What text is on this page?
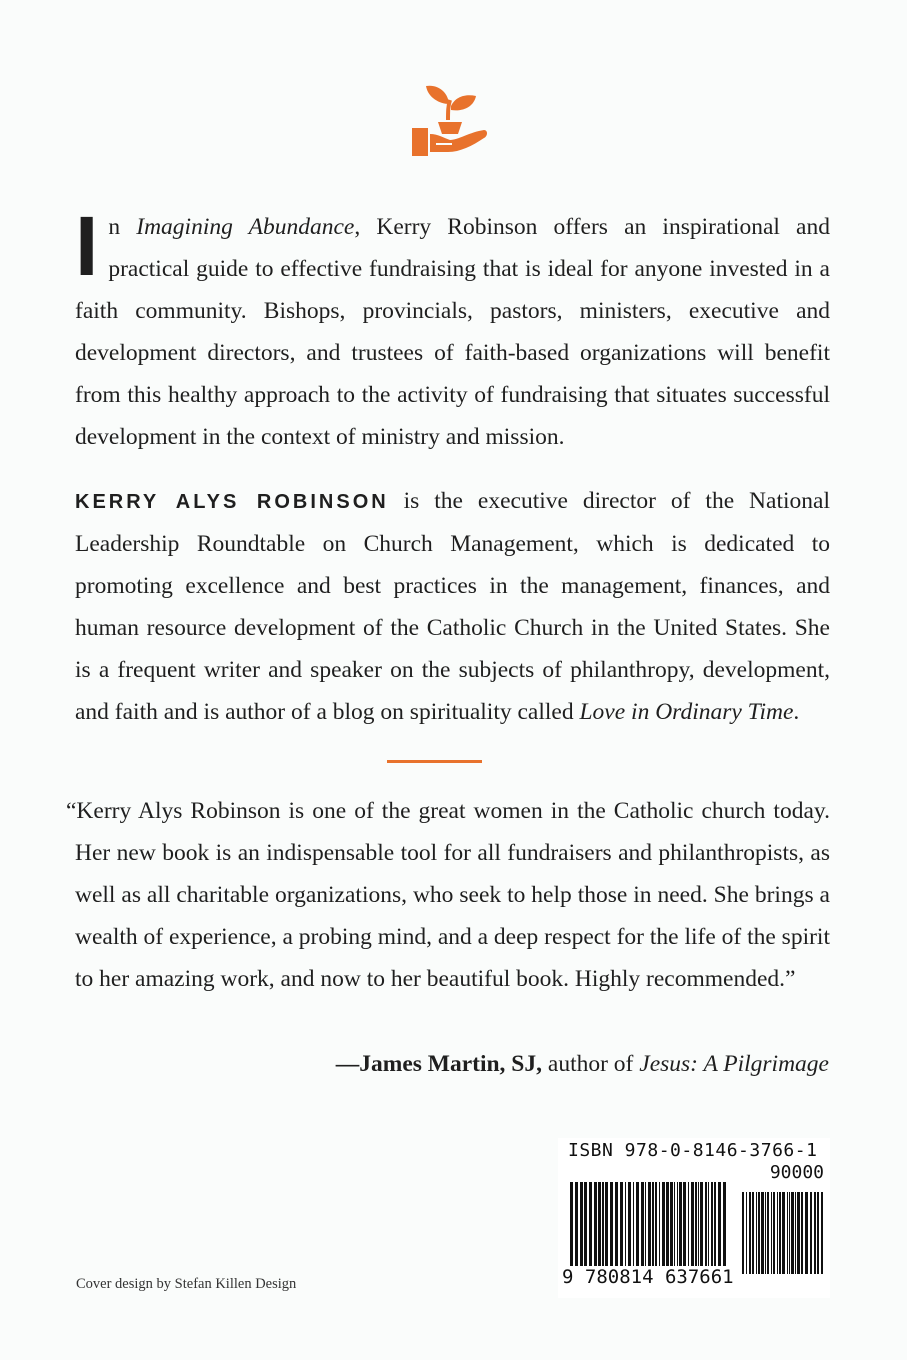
In Imagining Abundance, Kerry Robinson offers an inspirational and practical guide to effective fundraising that is ideal for anyone invested in a faith community. Bishops, provincials, pastors, ministers, executive and development directors, and trustees of faith-based organizations will benefit from this healthy approach to the activity of fundraising that situates successful development in the context of ministry and mission.

KERRY ALYS ROBINSON is the executive director of the National Leadership Roundtable on Church Management, which is dedicated to promoting excellence and best practices in the management, finances, and human resource development of the Catholic Church in the United States. She is a frequent writer and speaker on the subjects of philanthropy, development, and faith and is author of a blog on spirituality called Love in Ordinary Time.

“Kerry Alys Robinson is one of the great women in the Catholic church today. Her new book is an indispensable tool for all fundraisers and philanthropists, as well as all charitable organizations, who seek to help those in need. She brings a wealth of experience, a probing mind, and a deep respect for the life of the spirit to her amazing work, and now to her beautiful book. Highly recommended.”

—James Martin, SJ, author of Jesus: A Pilgrimage
ISBN 978-0-8146-3766-1
90000
9 780814 637661
Cover design by Stefan Killen Design
